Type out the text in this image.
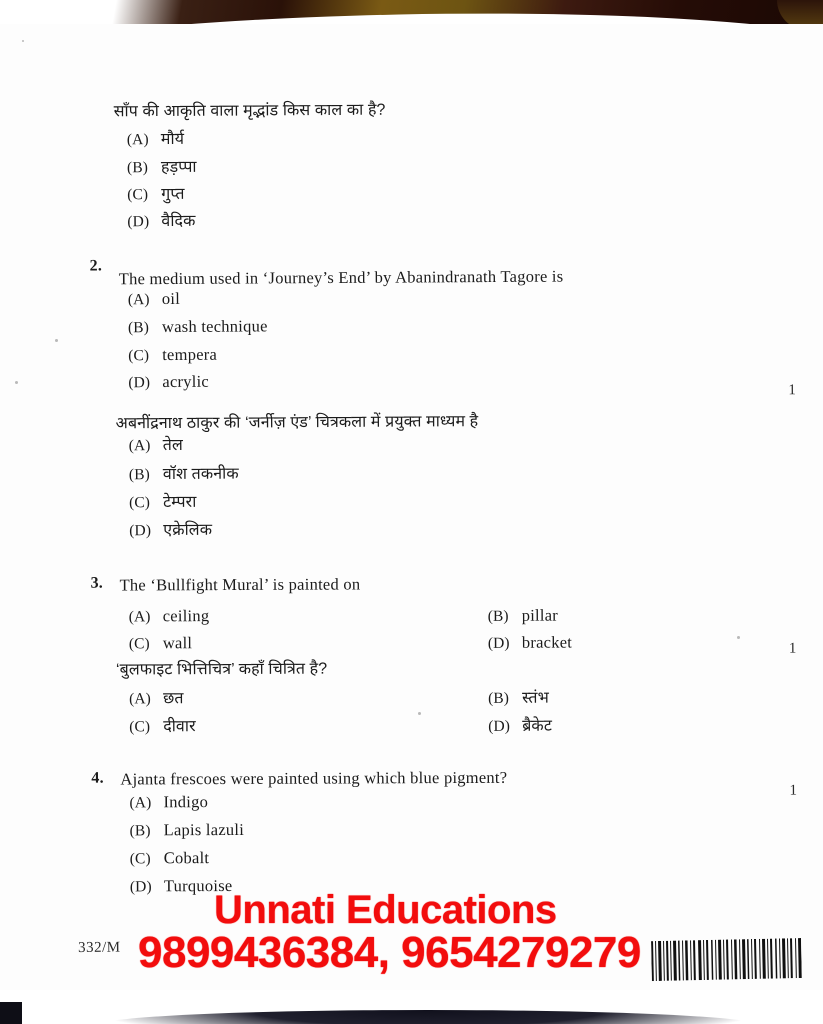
साँप की आकृति वाला मृद्भांड किस काल का है?
(A) मौर्य
(B) हड़प्पा
(C) गुप्त
(D) वैदिक
2.
The medium used in ‘Journey’s End’ by Abanindranath Tagore is
(A) oil
(B) wash technique
(C) tempera
(D) acrylic	1
अबनींद्रनाथ ठाकुर की ‘जर्नीज़ एंड’ चित्रकला में प्रयुक्त माध्यम है
(A) तेल
(B) वॉश तकनीक
(C) टेम्परा
(D) एक्रेलिक
3. The ‘Bullfight Mural’ is painted on
(A) ceiling	(B) pillar
(C) wall	(D) bracket	1
‘बुलफाइट भित्तिचित्र’ कहाँ चित्रित है?
(A) छत	(B) स्तंभ
(C) दीवार	(D) ब्रैकेट
4. Ajanta frescoes were painted using which blue pigment?
1
(A) Indigo
(B) Lapis lazuli
(C) Cobalt
(D) Turquoise
332/M
Unnati Educations
9899436384, 9654279279
